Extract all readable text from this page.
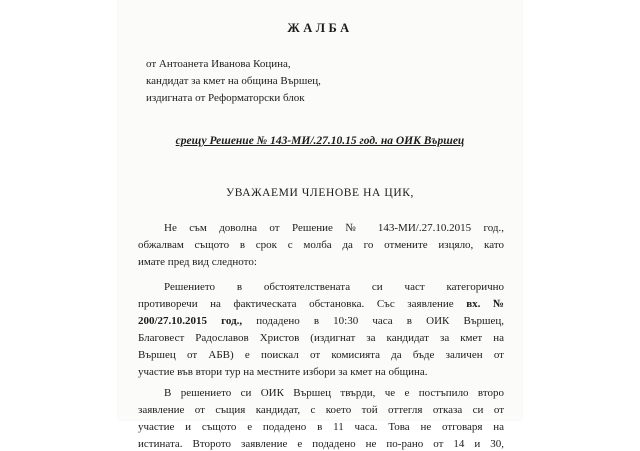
ЖАЛБА
от Антоанета Иванова Коцина,
кандидат за кмет на община Вършец,
издигната от Реформаторски блок
срещу Решение № 143-МИ/.27.10.15 год. на ОИК Вършец
УВАЖАЕМИ ЧЛЕНОВЕ НА ЦИК,
Не съм доволна от Решение № 143-МИ/.27.10.2015 год.,
обжалвам същото в срок с молба да го отмените изцяло, като
имате пред вид следното:
Решението в обстоятелствената си част категорично
противоречи на фактическата обстановка. Със заявление вх. №
200/27.10.2015 год., подадено в 10:30 часа в ОИК Вършец,
Благовест Радославов Христов (издигнат за кандидат за кмет на
Вършец от АБВ) е поискал от комисията да бъде заличен от
участие във втори тур на местните избори за кмет на община.
В решението си ОИК Вършец твърди, че е постъпило второ
заявление от същия кандидат, с което той оттегля отказа си от
участие и същото е подадено в 11 часа. Това не отговаря на
истината. Второто заявление е подадено не по-рано от 14 и 30,
